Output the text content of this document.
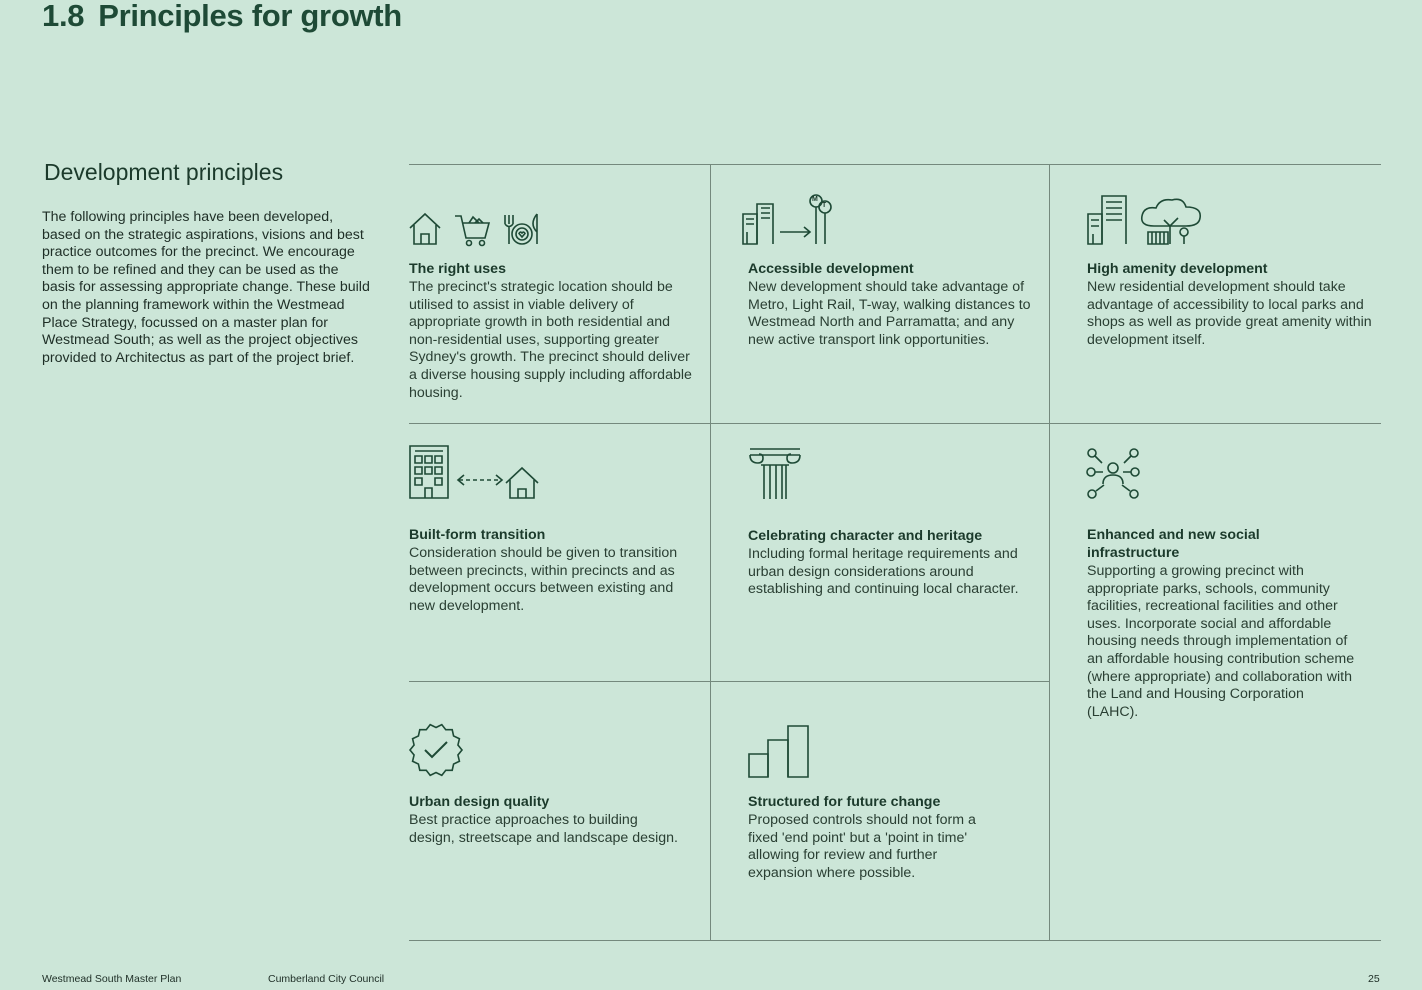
1.8 Principles for growth
Development principles

The following principles have been developed, based on the strategic aspirations, visions and best practice outcomes for the precinct. We encourage them to be refined and they can be used as the basis for assessing appropriate change. These build on the planning framework within the Westmead Place Strategy, focussed on a master plan for Westmead South; as well as the project objectives provided to Architectus as part of the project brief.

The right uses
The precinct's strategic location should be utilised to assist in viable delivery of appropriate growth in both residential and non-residential uses, supporting greater Sydney's growth. The precinct should deliver a diverse housing supply including affordable housing.
M
T
Accessible development
New development should take advantage of Metro, Light Rail, T-way, walking distances to Westmead North and Parramatta; and any new active transport link opportunities.
High amenity development
New residential development should take advantage of accessibility to local parks and shops as well as provide great amenity within development itself.
Built-form transition
Consideration should be given to transition between precincts, within precincts and as development occurs between existing and new development.
Celebrating character and heritage
Including formal heritage requirements and urban design considerations around establishing and continuing local character.
Enhanced and new social infrastructure
Supporting a growing precinct with appropriate parks, schools, community facilities, recreational facilities and other uses. Incorporate social and affordable housing needs through implementation of an affordable housing contribution scheme (where appropriate) and collaboration with the Land and Housing Corporation (LAHC).
Urban design quality
Best practice approaches to building design, streetscape and landscape design.
Structured for future change
Proposed controls should not form a fixed 'end point' but a 'point in time' allowing for review and further expansion where possible.
Westmead South Master Plan	Cumberland City Council	25
